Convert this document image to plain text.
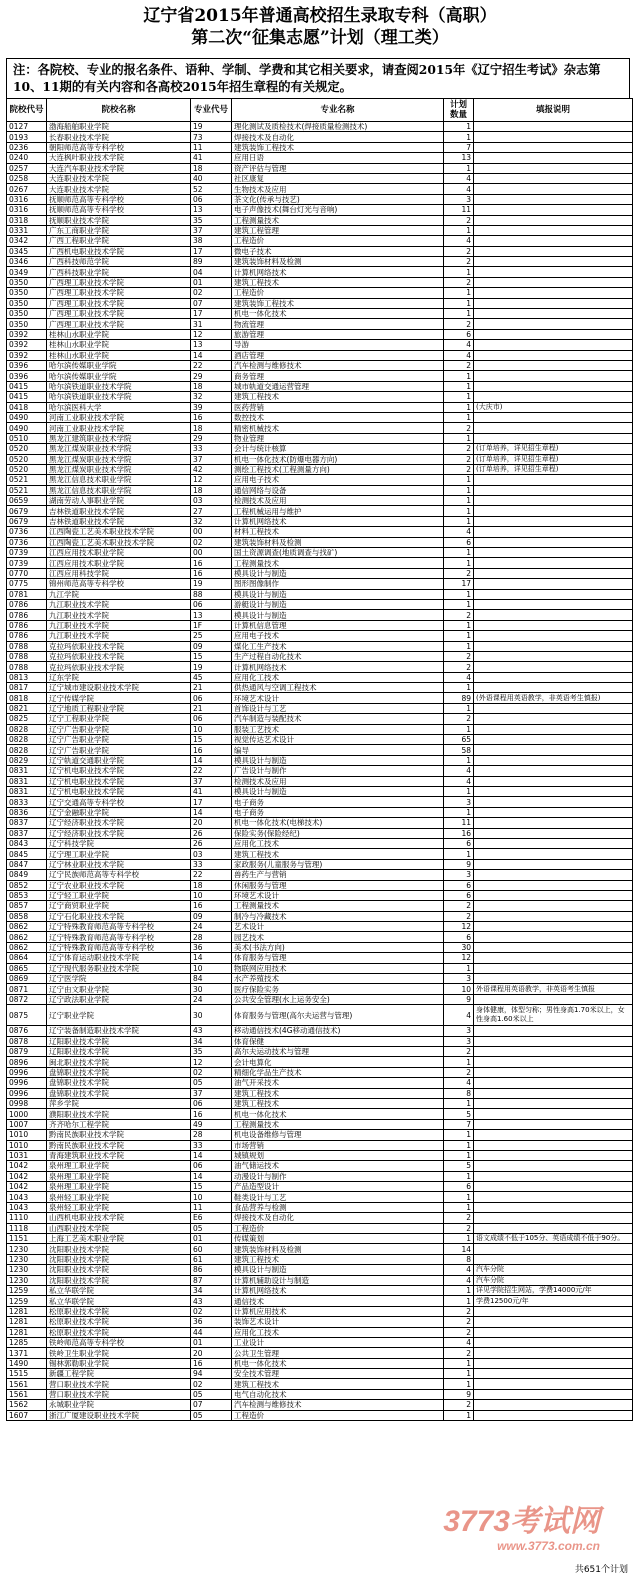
辽宁省2015年普通高校招生录取专科（高职）
第二次“征集志愿”计划（理工类）
注：各院校、专业的报名条件、语种、学制、学费和其它相关要求，请查阅2015年《辽宁招生考试》杂志第10、11期的有关内容和各高校2015年招生章程的有关规定。
院校代号	院校名称	专业代号	专业名称	计划数量	填报说明
0127	渤海船舶职业学院	19	理化测试及质检技术(焊接质量检测技术)	1	
0193	长春职业技术学院	73	焊接技术及自动化	1	
0236	朝阳师范高等专科学校	11	建筑装饰工程技术	7	
0240	大连枫叶职业技术学院	41	应用日语	13	
0257	大连汽车职业技术学院	18	资产评估与管理	1	
0258	大连职业技术学院	40	社区康复	4	
0267	大连职业技术学院	52	生物技术及应用	4	
0316	抚顺师范高等专科学校	06	茶文化(传承与技艺)	3	
0316	抚顺师范高等专科学校	13	电子声像技术(舞台灯光与音响)	11	
0318	抚顺职业技术学院	35	工程测量技术	2	
0331	广东工商职业学院	37	建筑工程管理	1	
0342	广西工程职业学院	38	工程造价	4	
0345	广西机电职业技术学院	17	微电子技术	2	
0346	广西科技师范学院	89	建筑装饰材料及检测	2	
0349	广西科技职业学院	04	计算机网络技术	1	
0350	广西理工职业技术学院	01	建筑工程技术	2	
0350	广西理工职业技术学院	02	工程造价	1	
0350	广西理工职业技术学院	07	建筑装饰工程技术	1	
0350	广西理工职业技术学院	17	机电一体化技术	1	
0350	广西理工职业技术学院	31	物流管理	2	
0392	桂林山水职业学院	12	旅游管理	6	
0392	桂林山水职业学院	13	导游	4	
0392	桂林山水职业学院	14	酒店管理	4	
0396	哈尔滨传媒职业学院	22	汽车检测与维修技术	2	
0396	哈尔滨传媒职业学院	29	商务管理	1	
0415	哈尔滨铁道职业技术学院	18	城市轨道交通运营管理	1	
0415	哈尔滨铁道职业技术学院	32	建筑工程技术	1	
0418	哈尔滨医科大学	39	医药营销	1	(大庆市)
0490	河南工业职业技术学院	16	数控技术	1	
0490	河南工业职业技术学院	18	精密机械技术	2	
0510	黑龙江建筑职业技术学院	29	物业管理	1	
0520	黑龙江煤炭职业技术学院	33	会计与统计核算	2	(订单培养，详见招生章程)
0520	黑龙江煤炭职业技术学院	37	机电一体化技术(防爆电器方向)	2	(订单培养，详见招生章程)
0520	黑龙江煤炭职业技术学院	42	测绘工程技术(工程测量方向)	2	(订单培养，详见招生章程)
0521	黑龙江信息技术职业学院	12	应用电子技术	1	
0521	黑龙江信息技术职业学院	18	通信网络与设备	1	
0659	湖南劳动人事职业学院	03	检测技术及应用	1	
0679	吉林铁道职业技术学院	27	工程机械运用与维护	1	
0679	吉林铁道职业技术学院	32	计算机网络技术	1	
0736	江西陶瓷工艺美术职业技术学院	00	材料工程技术	4	
0736	江西陶瓷工艺美术职业技术学院	02	建筑装饰材料及检测	6	
0739	江西应用技术职业学院	00	国土资源调查(地质调查与找矿)	1	
0739	江西应用技术职业学院	16	工程测量技术	1	
0770	江西应用科技学院	16	模具设计与制造	2	
0775	锦州师范高等专科学校	19	图形图像制作	17	
0781	九江学院	88	模具设计与制造	1	
0786	九江职业技术学院	06	游艇设计与制造	1	
0786	九江职业技术学院	13	模具设计与制造	2	
0786	九江职业技术学院	1F	计算机信息管理	1	
0786	九江职业技术学院	25	应用电子技术	1	
0788	克拉玛依职业技术学院	09	煤化工生产技术	1	
0788	克拉玛依职业技术学院	15	生产过程自动化技术	2	
0788	克拉玛依职业技术学院	19	计算机网络技术	2	
0813	辽东学院	45	应用化工技术	4	
0817	辽宁城市建设职业技术学院	21	供热通风与空调工程技术	1	
0818	辽宁传媒学院	06	环境艺术设计	89	(外语课程用英语教学，非英语考生慎报)
0821	辽宁地质工程职业学院	21	首饰设计与工艺	1	
0825	辽宁工程职业学院	06	汽车制造与装配技术	2	
0828	辽宁广告职业学院	10	服装工艺技术	1	
0828	辽宁广告职业学院	15	视觉传达艺术设计	65	
0828	辽宁广告职业学院	16	编导	58	
0829	辽宁轨道交通职业学院	14	模具设计与制造	1	
0831	辽宁机电职业技术学院	22	广告设计与制作	4	
0831	辽宁机电职业技术学院	37	检测技术及应用	4	
0831	辽宁机电职业技术学院	41	模具设计与制造	1	
0833	辽宁交通高等专科学校	17	电子商务	3	
0836	辽宁金融职业学院	14	电子商务	1	
0837	辽宁经济职业技术学院	20	机电一体化技术(电梯技术)	11	
0837	辽宁经济职业技术学院	26	保险实务(保险经纪)	16	
0843	辽宁科技学院	26	应用化工技术	6	
0845	辽宁理工职业学院	03	建筑工程技术	1	
0847	辽宁林业职业技术学院	33	家政服务(儿童服务与管理)	9	
0849	辽宁民族师范高等专科学校	22	兽药生产与营销	3	
0852	辽宁农业职业技术学院	18	休闲服务与管理	6	
0853	辽宁轻工职业学院	10	环境艺术设计	6	
0857	辽宁商贸职业学院	16	工程测量技术	2	
0858	辽宁石化职业技术学院	09	制冷与冷藏技术	2	
0862	辽宁特殊教育师范高等专科学校	24	艺术设计	12	
0862	辽宁特殊教育师范高等专科学校	28	园艺技术	6	
0862	辽宁特殊教育师范高等专科学校	36	美术(书法方向)	30	
0864	辽宁体育运动职业技术学院	14	体育服务与管理	12	
0865	辽宁现代服务职业技术学院	10	物联网应用技术	1	
0869	辽宁医学院	84	水产养殖技术	3	
0871	辽宁由文职业学院	30	医疗保险实务	10	外语课程用英语教学，非英语考生慎报
0872	辽宁政法职业学院	24	公共安全管理(水上运务安全)	9	
0875	辽宁职业学院	30	体育服务与管理(高尔夫运营与管理)	4	身体健康，体型匀称；男性身高1.70米以上，女性身高1.60米以上
0876	辽宁装备制造职业技术学院	43	移动通信技术(4G移动通信技术)	3	
0878	辽阳职业技术学院	34	体育保健	3	
0879	辽阳职业技术学院	35	高尔夫运动技术与管理	2	
0896	闽北职业技术学院	12	会计电算化	1	
0996	盘锦职业技术学院	02	精细化学品生产技术	2	
0996	盘锦职业技术学院	05	油气开采技术	4	
0996	盘锦职业技术学院	37	建筑工程技术	8	
0998	萍乡学院	06	建筑工程技术	1	
1000	濮阳职业技术学院	16	机电一体化技术	5	
1007	齐齐哈尔工程学院	49	工程测量技术	7	
1010	黔南民族职业技术学院	28	机电设备维修与管理	1	
1010	黔南民族职业技术学院	33	市场营销	1	
1031	青海建筑职业技术学院	14	城镇规划	1	
1042	泉州理工职业学院	06	油气储运技术	5	
1042	泉州理工职业学院	14	动漫设计与制作	1	
1042	泉州理工职业学院	15	产品造型设计	6	
1043	泉州轻工职业学院	10	鞋类设计与工艺	1	
1043	泉州轻工职业学院	11	食品营养与检测	1	
1110	山西机电职业技术学院	E6	焊接技术及自动化	2	
1118	山西职业技术学院	05	工程造价	2	
1151	上海工艺美术职业学院	01	传媒策划	1	语文成绩不低于105分、英语成绩不低于90分。
1230	沈阳职业技术学院	60	建筑装饰材料及检测	14	
1230	沈阳职业技术学院	61	建筑工程技术	8	
1230	沈阳职业技术学院	86	模具设计与制造	4	汽车分院
1230	沈阳职业技术学院	87	计算机辅助设计与制造	4	汽车分院
1259	私立华联学院	34	计算机网络技术	1	详见学院招生网站，学费14000元/年
1259	私立华联学院	43	通信技术	1	学费12500元/年
1281	松原职业技术学院	02	计算机应用技术	2	
1281	松原职业技术学院	36	装饰艺术设计	2	
1281	松原职业技术学院	44	应用化工技术	2	
1285	铁岭师范高等专科学校	01	工业设计	4	
1371	铁岭卫生职业学院	20	公共卫生管理	2	
1490	锡林郭勒职业学院	16	机电一体化技术	1	
1515	新疆工程学院	94	安全技术管理	1	
1561	营口职业技术学院	02	建筑工程技术	1	
1561	营口职业技术学院	05	电气自动化技术	9	
1562	永城职业学院	07	汽车检测与维修技术	2	
1607	浙江广厦建设职业技术学院	05	工程造价	1	
3773考试网
www.3773.com.cn
共651个计划
